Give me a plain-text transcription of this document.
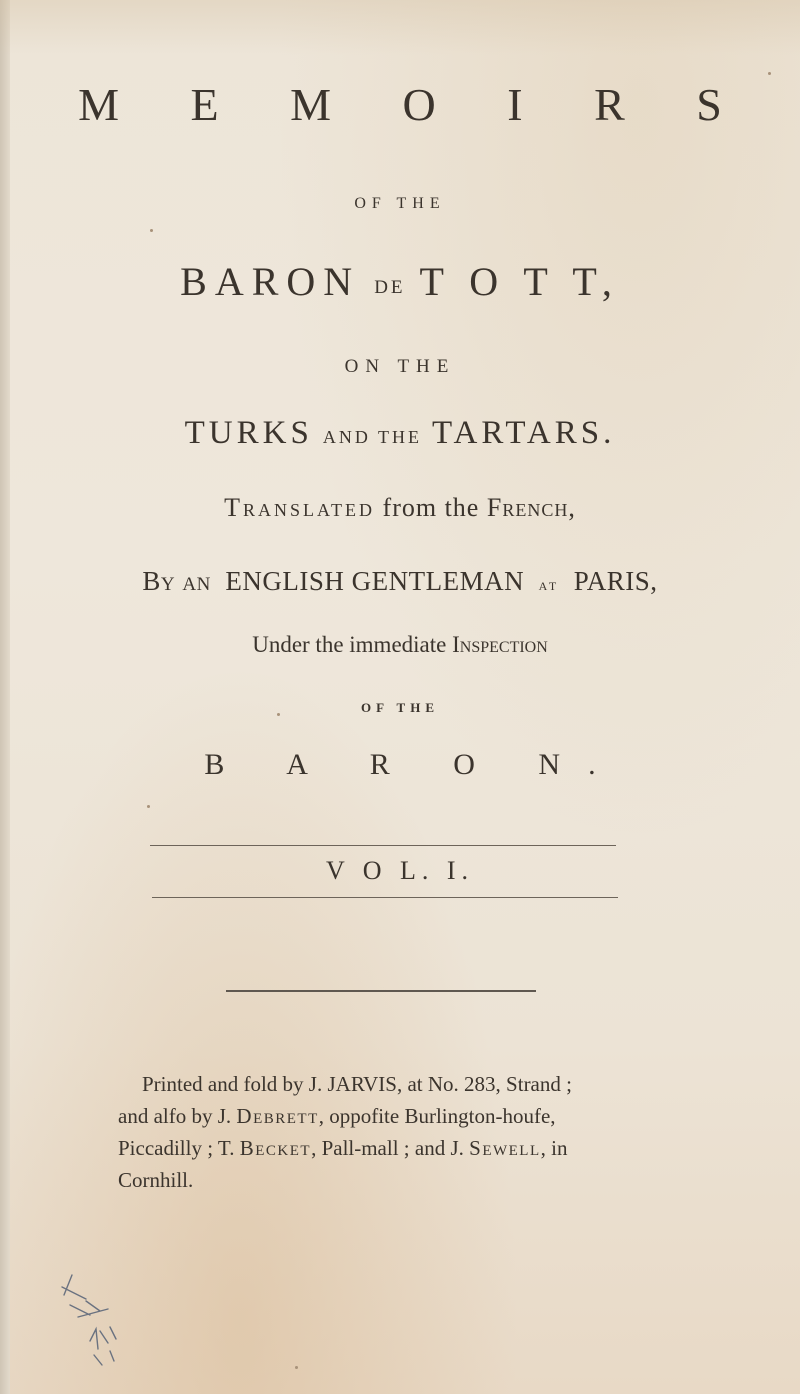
M E M O I R S
OF THE
BARON DE T O T T,
ON THE
TURKS AND THE TARTARS.
Translated from the French,
By an ENGLISH GENTLEMAN at PARIS,
Under the immediate Inspection
OF THE
B A R O N.
V O L. I.
Printed and fold by J. JARVIS, at No. 283, Strand ;
and alfo by J. Debrett, oppofite Burlington-houfe,
Piccadilly ; T. Becket, Pall-mall ; and J. Sewell, in
Cornhill.
